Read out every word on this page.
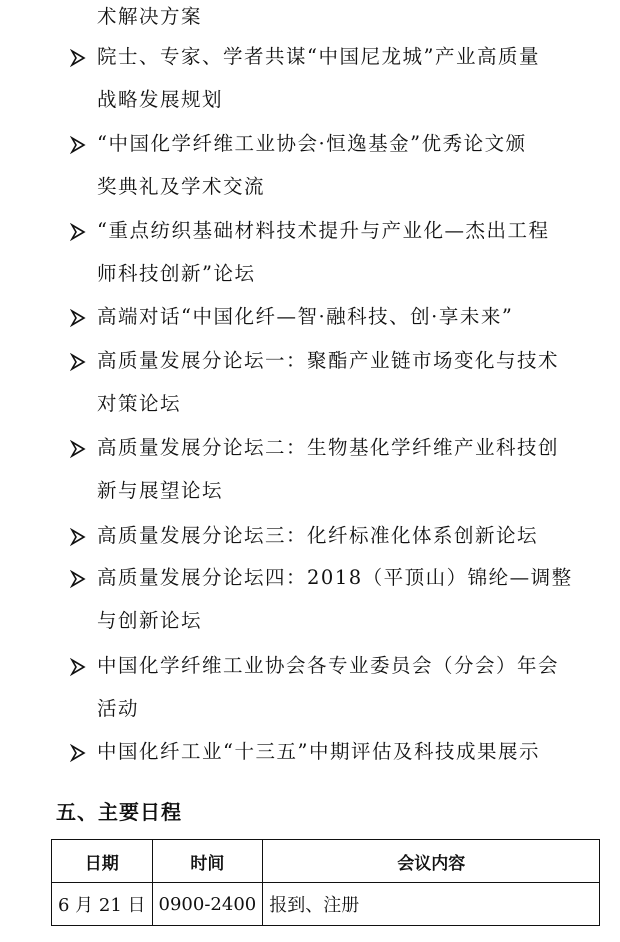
术解决方案
院士、专家、学者共谋“中国尼龙城”产业高质量
战略发展规划
“中国化学纤维工业协会·恒逸基金”优秀论文颁
奖典礼及学术交流
“重点纺织基础材料技术提升与产业化—杰出工程
师科技创新”论坛
高端对话“中国化纤—智·融科技、创·享未来”
高质量发展分论坛一：聚酯产业链市场变化与技术
对策论坛
高质量发展分论坛二：生物基化学纤维产业科技创
新与展望论坛
高质量发展分论坛三：化纤标准化体系创新论坛
高质量发展分论坛四：2018（平顶山）锦纶—调整
与创新论坛
中国化学纤维工业协会各专业委员会（分会）年会
活动
中国化纤工业“十三五”中期评估及科技成果展示
五、主要日程
日期	时间	会议内容
6 月 21 日	0900-2400	报到、注册
